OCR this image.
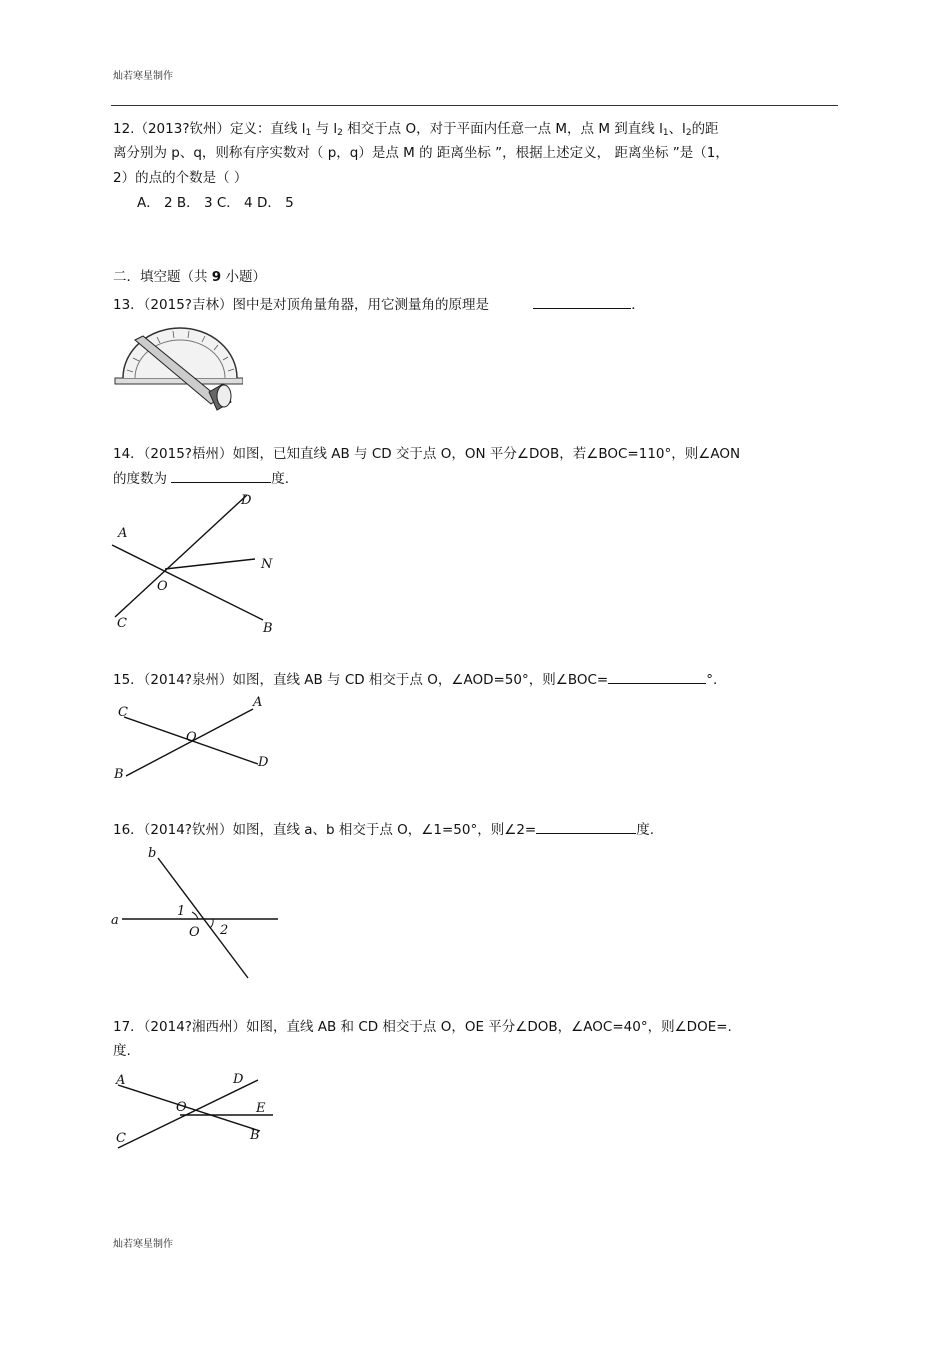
灿若寒星制作
12.（2013?钦州）定义：直线 $l_1$ 与 $l_2$ 相交于点 O，对于平面内任意一点 M，点 M 到直线 $l_1$、$l_2$的距
离分别为 p、q，则称有序实数对（ p，q）是点 M 的 距离坐标 ”，根据上述定义， 距离坐标 ”是（1，
2）的点的个数是（ ）
A． 2 B． 3 C． 4 D． 5
二．填空题（共 9 小题）
13．（2015?吉林）图中是对顶角量角器，用它测量角的原理是	．
14．（2015?梧州）如图，已知直线 AB 与 CD 交于点 O，ON 平分∠DOB，若∠BOC=110°，则∠AON
的度数为	度.
A
D
N
O
C	B
15．（2014?泉州）如图，直线 AB 与 CD 相交于点 O，∠AOD=50°，则∠BOC=	°.
C
A
O
D
B
16．（2014?钦州）如图，直线 a、b 相交于点 O，∠1=50°，则∠2=	度.
a
b
1
O 2
17．（2014?湘西州）如图，直线 AB 和 CD 相交于点 O，OE 平分∠DOB，∠AOC=40°，则∠DOE=.
度.
A	D
O	E
B
C
灿若寒星制作
